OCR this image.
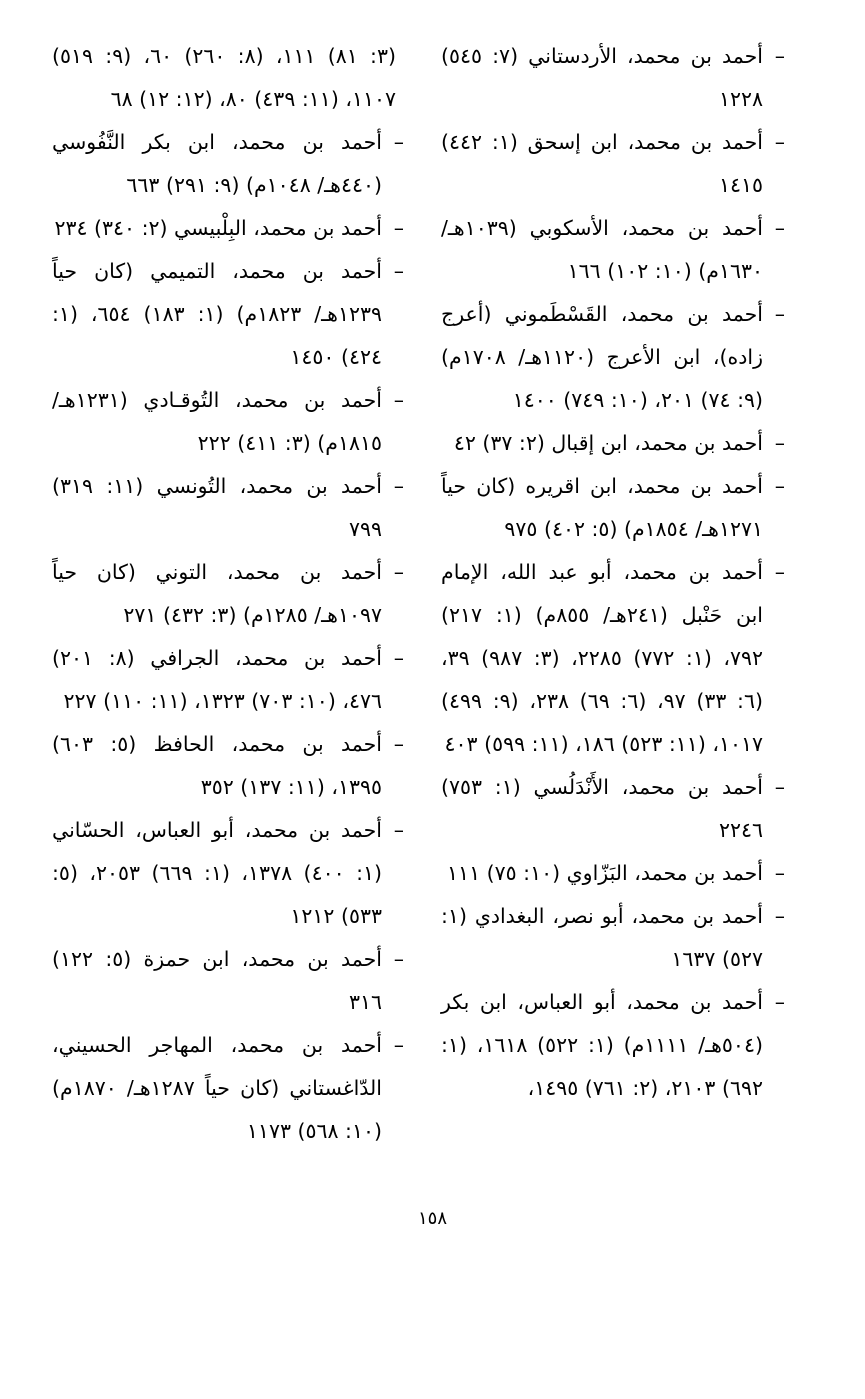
–
أحمد بن محمد، الأردستاني (٧: ٥٤٥) ١٢٢٨
–
أحمد بن محمد، ابن إسحق (١: ٤٤٢) ١٤١٥
–
أحمد بن محمد، الأسكوبي (١٠٣٩هـ/ ١٦٣٠م) (١٠: ١٠٢) ١٦٦
–
أحمد بن محمد، القَسْطَموني (أعرج زاده)، ابن الأعرج (١١٢٠هـ/ ١٧٠٨م) (٩: ٧٤) ٢٠١، (١٠: ٧٤٩) ١٤٠٠
–
أحمد بن محمد، ابن إقبال (٢: ٣٧) ٤٢
–
أحمد بن محمد، ابن اقريره (كان حياً ١٢٧١هـ/ ١٨٥٤م) (٥: ٤٠٢) ٩٧٥
–
أحمد بن محمد، أبو عبد الله، الإمام ابن حَنْبل (٢٤١هـ/ ٨٥٥م) (١: ٢١٧) ٧٩٢، (١: ٧٧٢) ٢٢٨٥، (٣: ٩٨٧) ٣٩، (٦: ٣٣) ٩٧، (٦: ٦٩) ٢٣٨، (٩: ٤٩٩) ١٠١٧، (١١: ٥٢٣) ١٨٦، (١١: ٥٩٩) ٤٠٣
–
أحمد بن محمد، الأَنْدَلُسي (١: ٧٥٣) ٢٢٤٦
–
أحمد بن محمد، البَزّاوي (١٠: ٧٥) ١١١
–
أحمد بن محمد، أبو نصر، البغدادي (١: ٥٢٧) ١٦٣٧
–
أحمد بن محمد، أبو العباس، ابن بكر (٥٠٤هـ/ ١١١١م) (١: ٥٢٢) ١٦١٨، (١: ٦٩٢) ٢١٠٣، (٢: ٧٦١) ١٤٩٥،
(٣: ٨١) ١١١، (٨: ٢٦٠) ٦٠، (٩: ٥١٩) ١١٠٧، (١١: ٤٣٩) ٨٠، (١٢: ١٢) ٦٨
–
أحمد بن محمد، ابن بكر النَّفُوسي (٤٤٠هـ/ ١٠٤٨م) (٩: ٢٩١) ٦٦٣
–
أحمد بن محمد، البِلْبيسي (٢: ٣٤٠) ٢٣٤
–
أحمد بن محمد، التميمي (كان حياً ١٢٣٩هـ/ ١٨٢٣م) (١: ١٨٣) ٦٥٤، (١: ٤٢٤) ١٤٥٠
–
أحمد بن محمد، التُوقـادي (١٢٣١هـ/ ١٨١٥م) (٣: ٤١١) ٢٢٢
–
أحمد بن محمد، التُونسي (١١: ٣١٩) ٧٩٩
–
أحمد بن محمد، التوني (كان حياً ١٠٩٧هـ/ ١٢٨٥م) (٣: ٤٣٢) ٢٧١
–
أحمد بن محمد، الجرافي (٨: ٢٠١) ٤٧٦، (١٠: ٧٠٣) ١٣٢٣، (١١: ١١٠) ٢٢٧
–
أحمد بن محمد، الحافظ (٥: ٦٠٣) ١٣٩٥، (١١: ١٣٧) ٣٥٢
–
أحمد بن محمد، أبو العباس، الحسّاني (١: ٤٠٠) ١٣٧٨، (١: ٦٦٩) ٢٠٥٣، (٥: ٥٣٣) ١٢١٢
–
أحمد بن محمد، ابن حمزة (٥: ١٢٢) ٣١٦
–
أحمد بن محمد، المهاجر الحسيني، الدّاغستاني (كان حياً ١٢٨٧هـ/ ١٨٧٠م) (١٠: ٥٦٨) ١١٧٣
١٥٨
